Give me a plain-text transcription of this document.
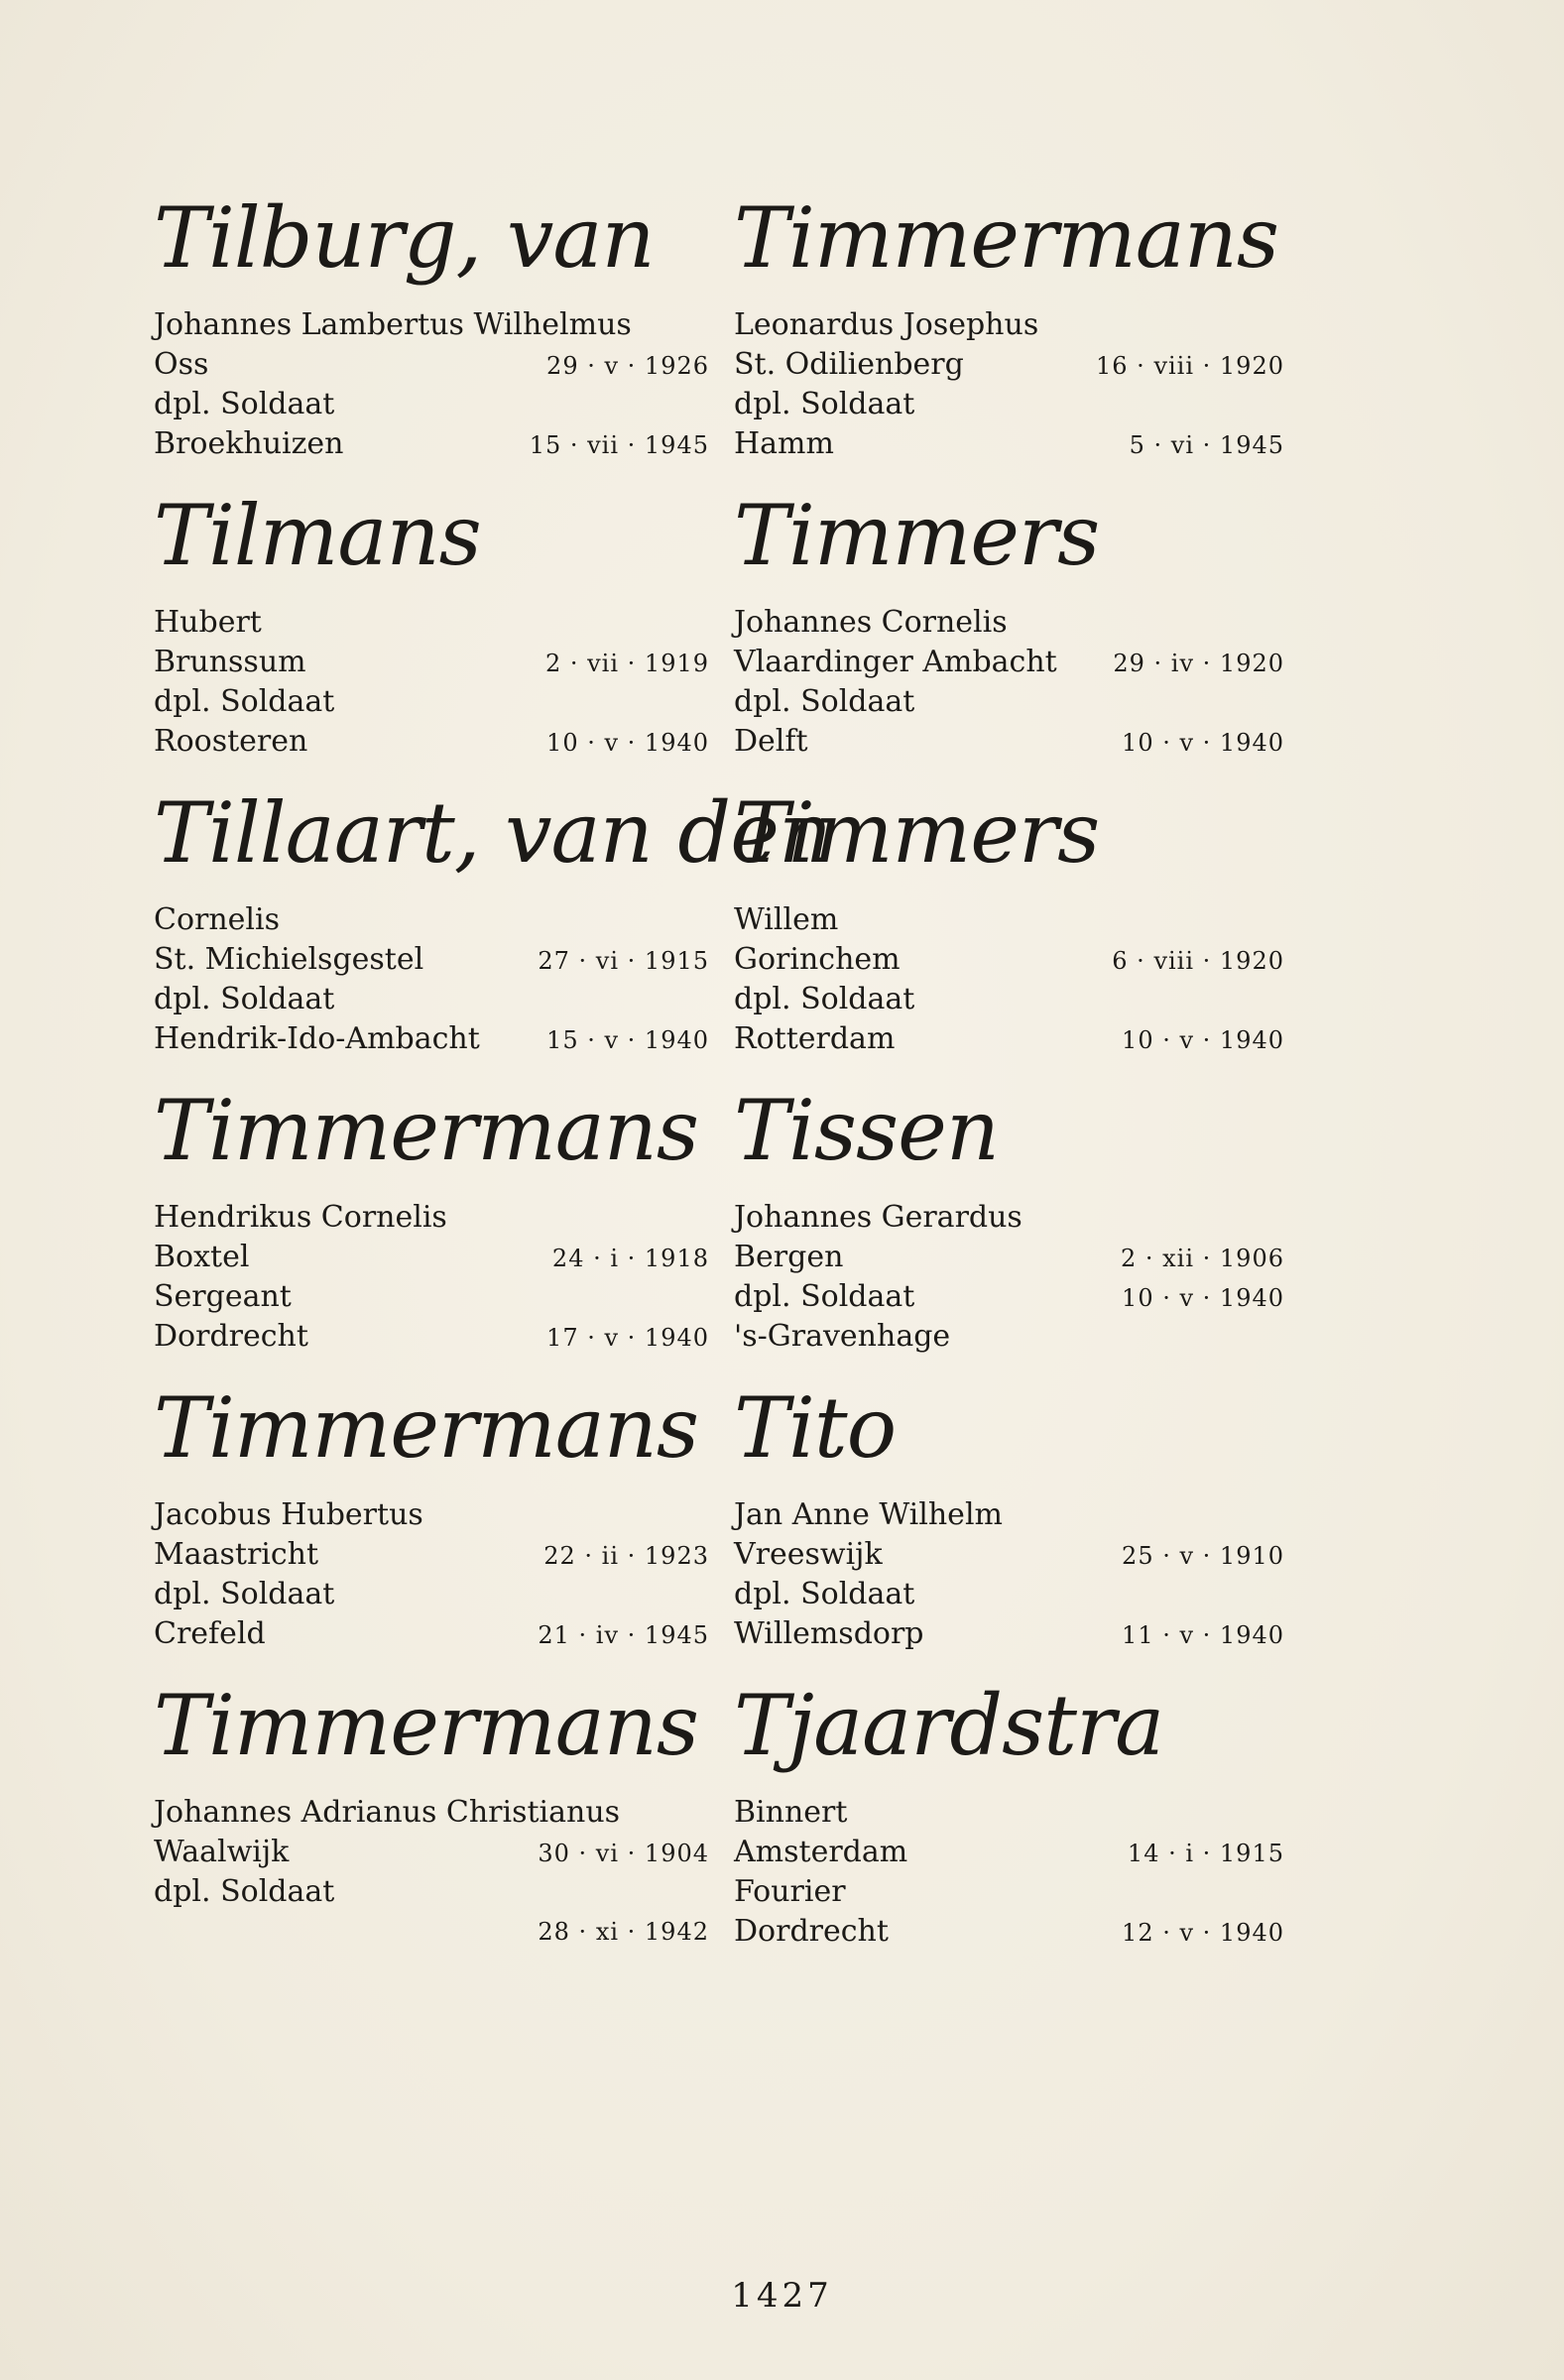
Tilburg, van
Johannes Lambertus Wilhelmus
Oss	29 · v · 1926
dpl. Soldaat
Broekhuizen	15 · vii · 1945
Tilmans
Hubert
Brunssum	2 · vii · 1919
dpl. Soldaat
Roosteren	10 · v · 1940
Tillaart, van den
Cornelis
St. Michielsgestel	27 · vi · 1915
dpl. Soldaat
Hendrik-Ido-Ambacht	15 · v · 1940
Timmermans
Hendrikus Cornelis
Boxtel	24 · i · 1918
Sergeant
Dordrecht	17 · v · 1940
Timmermans
Jacobus Hubertus
Maastricht	22 · ii · 1923
dpl. Soldaat
Crefeld	21 · iv · 1945
Timmermans
Johannes Adrianus Christianus
Waalwijk	30 · vi · 1904
dpl. Soldaat
28 · xi · 1942
Timmermans
Leonardus Josephus
St. Odilienberg	16 · viii · 1920
dpl. Soldaat
Hamm	5 · vi · 1945
Timmers
Johannes Cornelis
Vlaardinger Ambacht 29 · iv · 1920
dpl. Soldaat
Delft	10 · v · 1940
Timmers
Willem
Gorinchem	6 · viii · 1920
dpl. Soldaat
Rotterdam	10 · v · 1940
Tissen
Johannes Gerardus
Bergen	2 · xii · 1906
dpl. Soldaat	10 · v · 1940
's-Gravenhage
Tito
Jan Anne Wilhelm
Vreeswijk	25 · v · 1910
dpl. Soldaat
Willemsdorp	11 · v · 1940
Tjaardstra
Binnert
Amsterdam	14 · i · 1915
Fourier
Dordrecht	12 · v · 1940
1427
